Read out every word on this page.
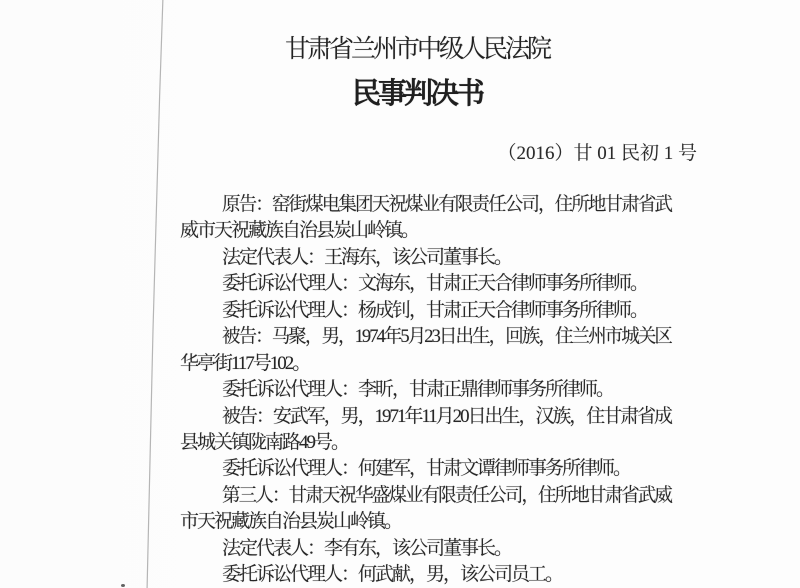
甘肃省兰州市中级人民法院
民事判决书
（2016）甘 01 民初 1 号
原告：窑街煤电集团天祝煤业有限责任公司，住所地甘肃省武
威市天祝藏族自治县炭山岭镇。
法定代表人：王海东，该公司董事长。
委托诉讼代理人：文海东，甘肃正天合律师事务所律师。
委托诉讼代理人：杨成钊，甘肃正天合律师事务所律师。
被告：马聚，男，1974年5月23日出生，回族，住兰州市城关区
华亭街117号102。
委托诉讼代理人：李昕，甘肃正鼎律师事务所律师。
被告：安武军，男，1971年11月20日出生，汉族，住甘肃省成
县城关镇陇南路49号。
委托诉讼代理人：何建军，甘肃文谭律师事务所律师。
第三人：甘肃天祝华盛煤业有限责任公司，住所地甘肃省武威
市天祝藏族自治县炭山岭镇。
法定代表人：李有东，该公司董事长。
委托诉讼代理人：何武献，男，该公司员工。
